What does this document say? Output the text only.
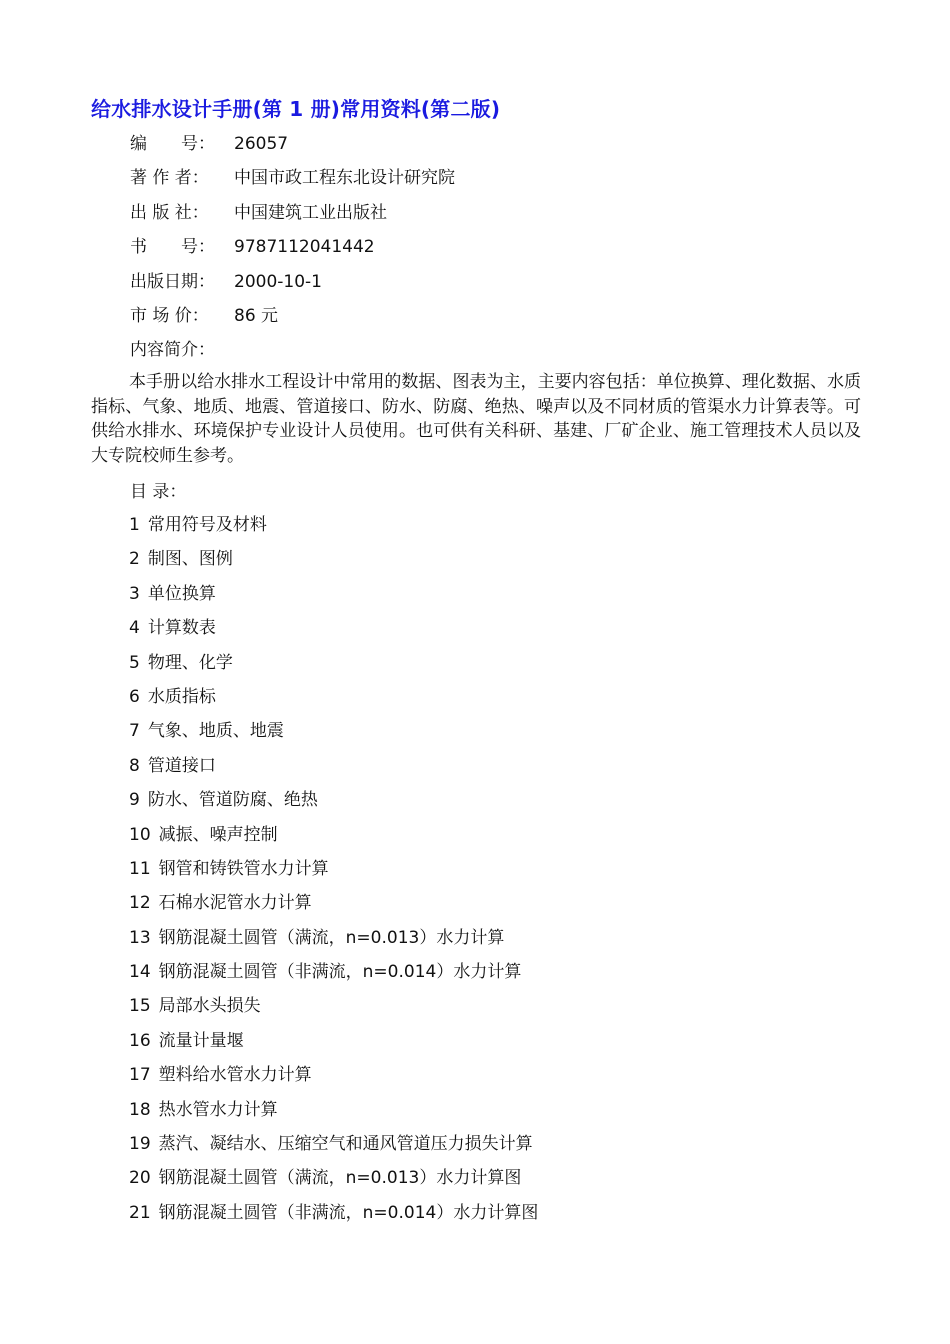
给水排水设计手册(第 1 册)常用资料(第二版)
编　　号： 26057
著 作 者： 中国市政工程东北设计研究院
出 版 社： 中国建筑工业出版社
书　　号： 9787112041442
出版日期： 2000-10-1
市 场 价： 86 元
内容简介：
本手册以给水排水工程设计中常用的数据、图表为主，主要内容包括：单位换算、理化数据、水质指标、气象、地质、地震、管道接口、防水、防腐、绝热、噪声以及不同材质的管渠水力计算表等。可供给水排水、环境保护专业设计人员使用。也可供有关科研、基建、厂矿企业、施工管理技术人员以及大专院校师生参考。
目 录：
1 常用符号及材料
2 制图、图例
3 单位换算
4 计算数表
5 物理、化学
6 水质指标
7 气象、地质、地震
8 管道接口
9 防水、管道防腐、绝热
10 减振、噪声控制
11 钢管和铸铁管水力计算
12 石棉水泥管水力计算
13 钢筋混凝土圆管（满流，n=0.013）水力计算
14 钢筋混凝土圆管（非满流，n=0.014）水力计算
15 局部水头损失
16 流量计量堰
17 塑料给水管水力计算
18 热水管水力计算
19 蒸汽、凝结水、压缩空气和通风管道压力损失计算
20 钢筋混凝土圆管（满流，n=0.013）水力计算图
21 钢筋混凝土圆管（非满流，n=0.014）水力计算图
